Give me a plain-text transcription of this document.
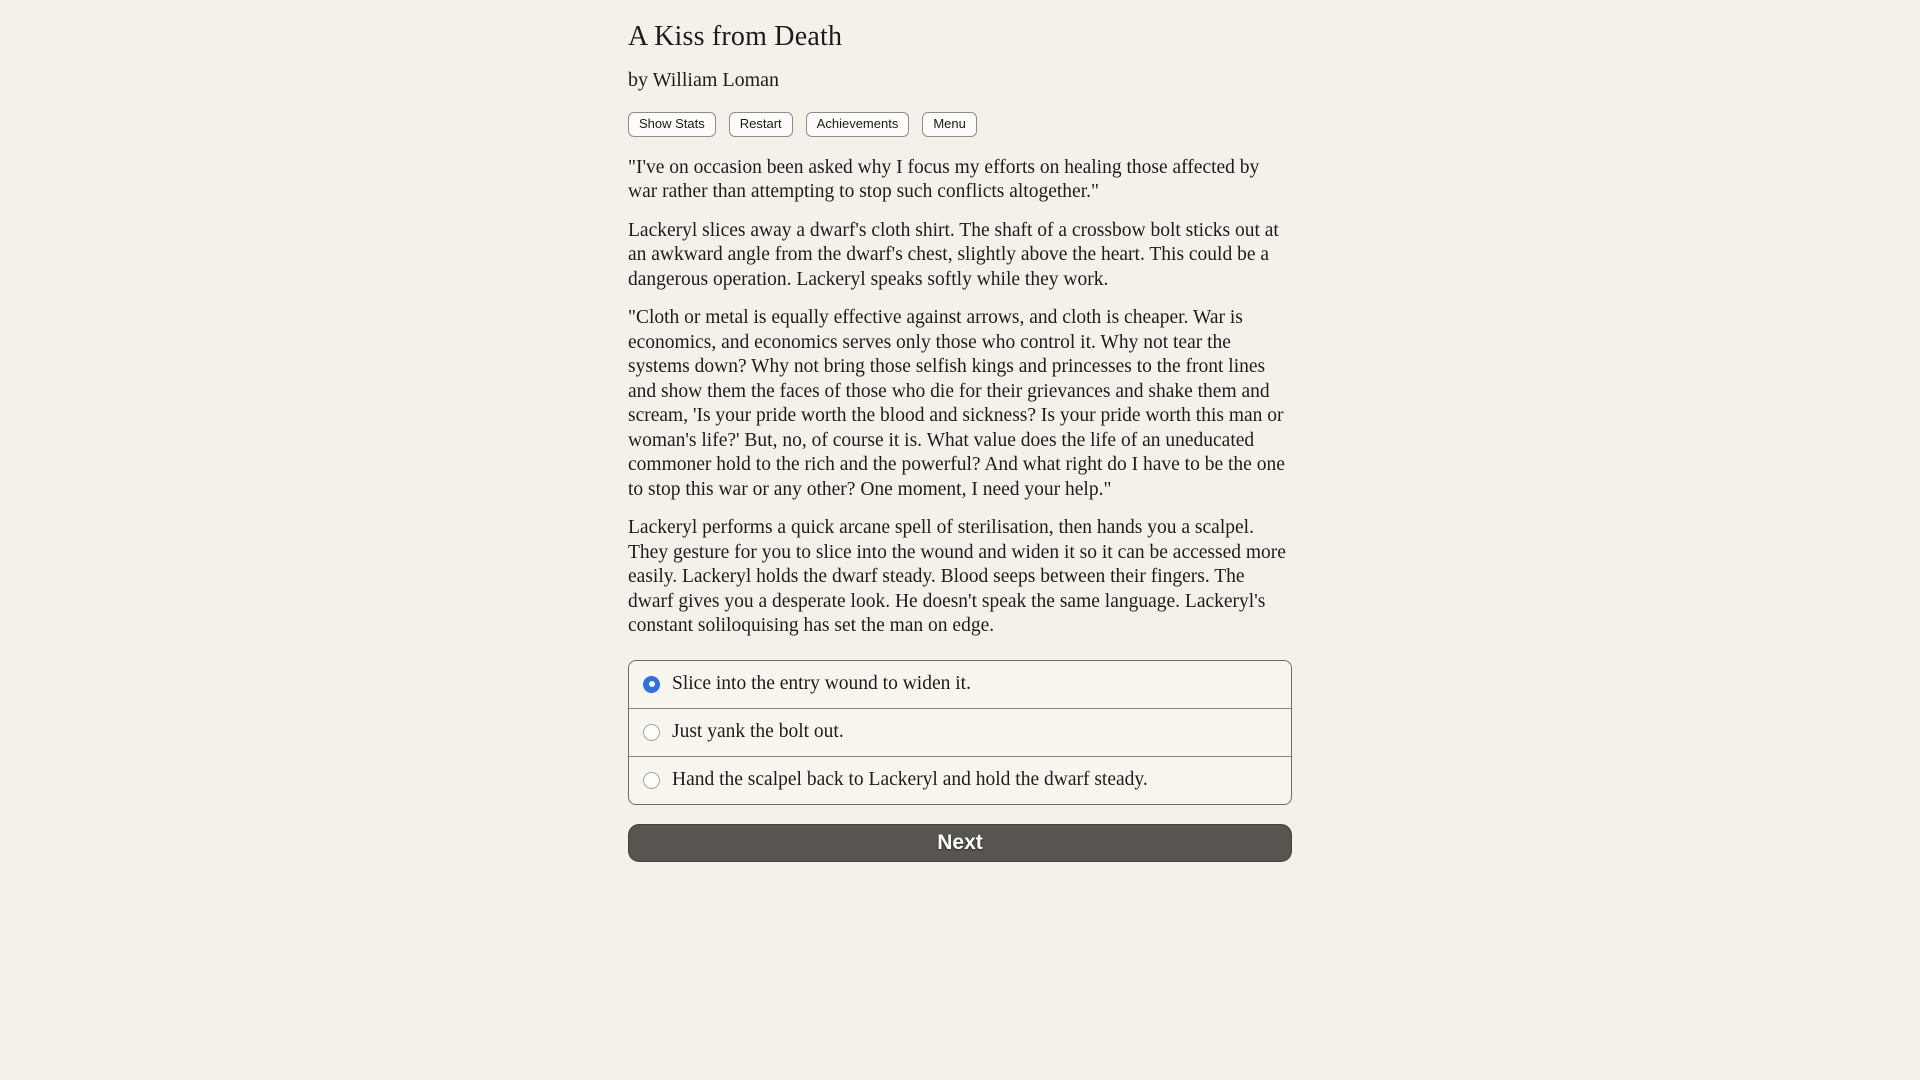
A Kiss from Death
by William Loman
Show Stats	Restart	Achievements	Menu

"I've on occasion been asked why I focus my efforts on healing those affected by war rather than attempting to stop such conflicts altogether."

Lackeryl slices away a dwarf's cloth shirt. The shaft of a crossbow bolt sticks out at an awkward angle from the dwarf's chest, slightly above the heart. This could be a dangerous operation. Lackeryl speaks softly while they work.

"Cloth or metal is equally effective against arrows, and cloth is cheaper. War is economics, and economics serves only those who control it. Why not tear the systems down? Why not bring those selfish kings and princesses to the front lines and show them the faces of those who die for their grievances and shake them and scream, 'Is your pride worth the blood and sickness? Is your pride worth this man or woman's life?' But, no, of course it is. What value does the life of an uneducated commoner hold to the rich and the powerful? And what right do I have to be the one to stop this war or any other? One moment, I need your help."

Lackeryl performs a quick arcane spell of sterilisation, then hands you a scalpel. They gesture for you to slice into the wound and widen it so it can be accessed more easily. Lackeryl holds the dwarf steady. Blood seeps between their fingers. The dwarf gives you a desperate look. He doesn't speak the same language. Lackeryl's constant soliloquising has set the man on edge.

Slice into the entry wound to widen it.
Just yank the bolt out.
Hand the scalpel back to Lackeryl and hold the dwarf steady.
Next
